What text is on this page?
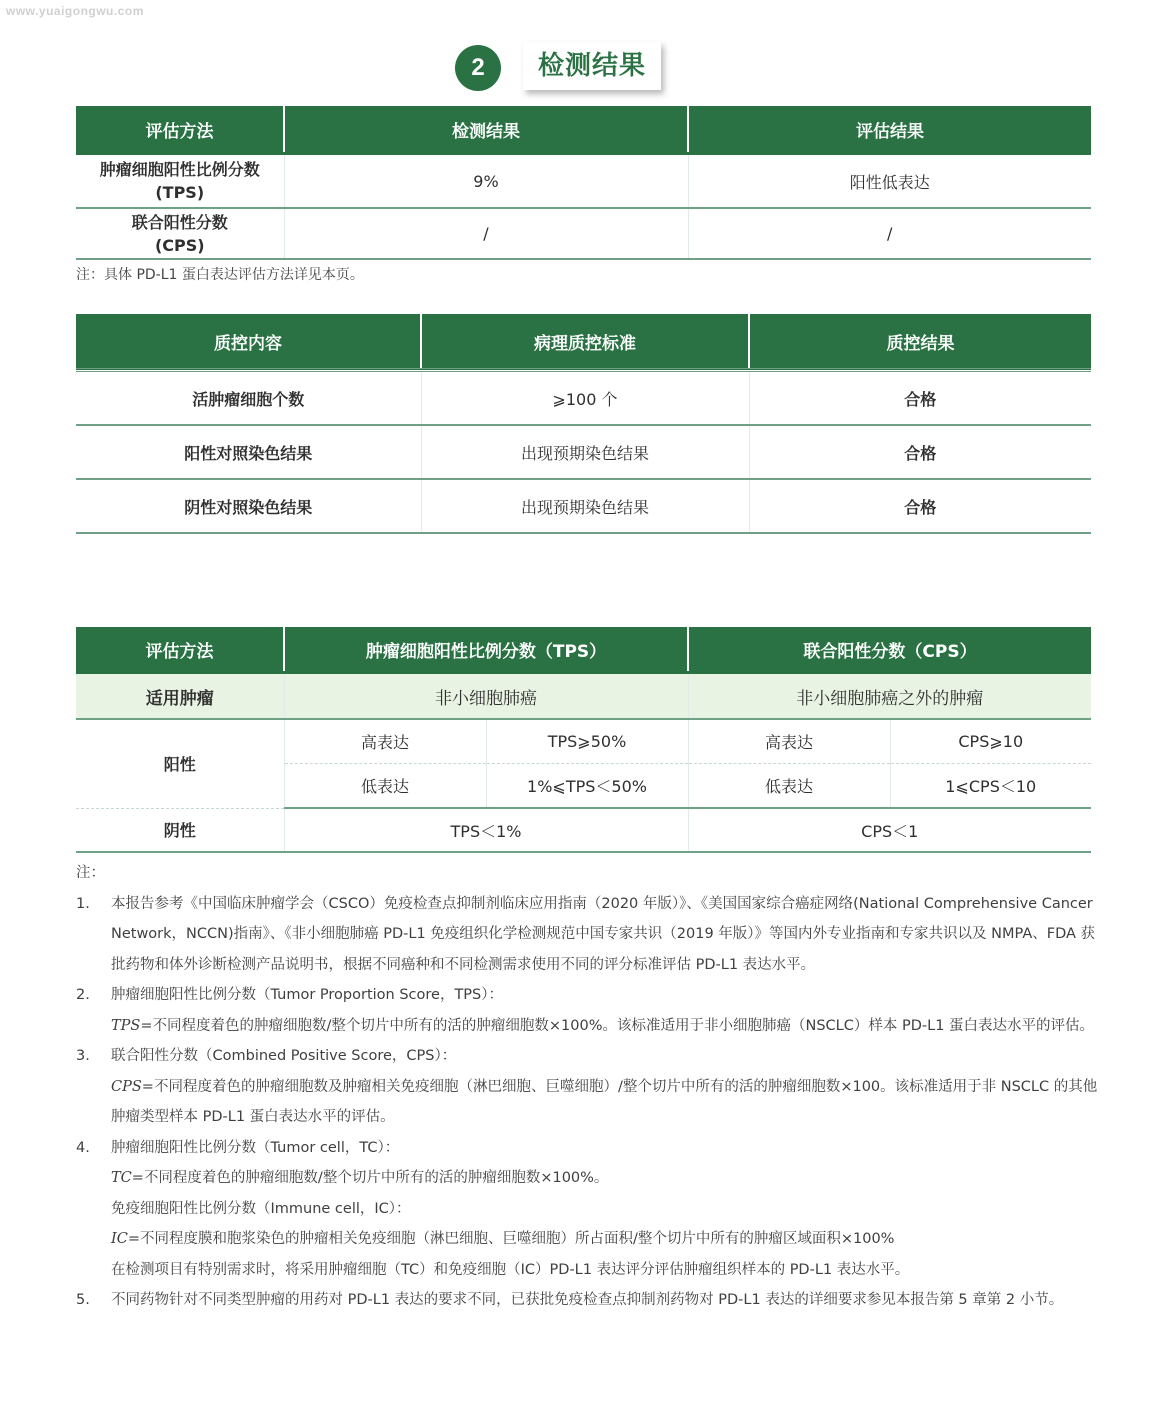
www.yuaigongwu.com
2	检测结果
评估方法	检测结果	评估结果
肿瘤细胞阳性比例分数
(TPS)	9%	阳性低表达
联合阳性分数
(CPS)	/	/
注：具体 PD-L1 蛋白表达评估方法详见本页。
质控内容	病理质控标准	质控结果
活肿瘤细胞个数	⩾100 个	合格
阳性对照染色结果	出现预期染色结果	合格
阴性对照染色结果	出现预期染色结果	合格
评估方法	肿瘤细胞阳性比例分数（TPS）		联合阳性分数（CPS）	
适用肿瘤	非小细胞肺癌		非小细胞肺癌之外的肿瘤	
阳性	高表达	TPS⩾50%	高表达	CPS⩾10
	低表达	1%⩽TPS＜50%	低表达	1⩽CPS＜10
阴性	TPS＜1%		CPS＜1	
注：
1. 本报告参考《中国临床肿瘤学会（CSCO）免疫检查点抑制剂临床应用指南（2020 年版）》、《美国国家综合癌症网络(National Comprehensive Cancer
Network，NCCN)指南》、《非小细胞肺癌 PD-L1 免疫组织化学检测规范中国专家共识（2019 年版）》等国内外专业指南和专家共识以及 NMPA、FDA 获
批药物和体外诊断检测产品说明书，根据不同癌种和不同检测需求使用不同的评分标准评估 PD-L1 表达水平。
2. 肿瘤细胞阳性比例分数（Tumor Proportion Score，TPS）：
TPS=不同程度着色的肿瘤细胞数/整个切片中所有的活的肿瘤细胞数×100%。该标准适用于非小细胞肺癌（NSCLC）样本 PD-L1 蛋白表达水平的评估。
3. 联合阳性分数（Combined Positive Score，CPS）：
CPS=不同程度着色的肿瘤细胞数及肿瘤相关免疫细胞（淋巴细胞、巨噬细胞）/整个切片中所有的活的肿瘤细胞数×100。该标准适用于非 NSCLC 的其他
肿瘤类型样本 PD-L1 蛋白表达水平的评估。
4. 肿瘤细胞阳性比例分数（Tumor cell，TC）：
TC=不同程度着色的肿瘤细胞数/整个切片中所有的活的肿瘤细胞数×100%。
免疫细胞阳性比例分数（Immune cell，IC）：
IC=不同程度膜和胞浆染色的肿瘤相关免疫细胞（淋巴细胞、巨噬细胞）所占面积/整个切片中所有的肿瘤区域面积×100%
在检测项目有特别需求时，将采用肿瘤细胞（TC）和免疫细胞（IC）PD-L1 表达评分评估肿瘤组织样本的 PD-L1 表达水平。
5. 不同药物针对不同类型肿瘤的用药对 PD-L1 表达的要求不同，已获批免疫检查点抑制剂药物对 PD-L1 表达的详细要求参见本报告第 5 章第 2 小节。
